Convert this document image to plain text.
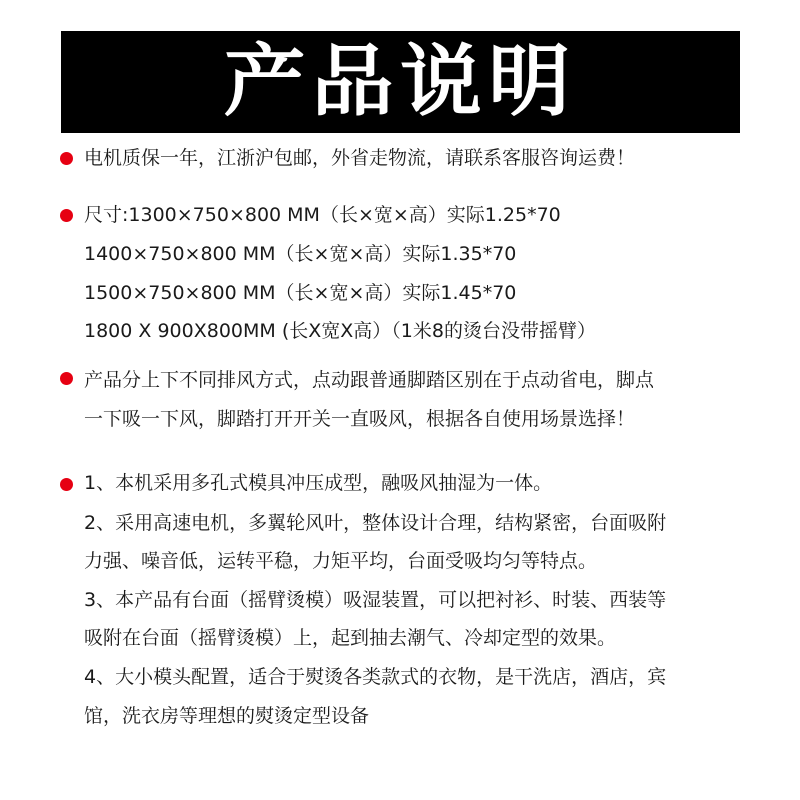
产品说明
电机质保一年，江浙沪包邮，外省走物流，请联系客服咨询运费！
尺寸:1300×750×800 MM（长×宽×高）实际1.25*70
1400×750×800 MM（长×宽×高）实际1.35*70
1500×750×800 MM（长×宽×高）实际1.45*70
1800 X 900X800MM (长X宽X高）（1米8的烫台没带摇臂）
产品分上下不同排风方式，点动跟普通脚踏区别在于点动省电，脚点
一下吸一下风，脚踏打开开关一直吸风，根据各自使用场景选择！
1、本机采用多孔式模具冲压成型，融吸风抽湿为一体。
2、采用高速电机，多翼轮风叶，整体设计合理，结构紧密，台面吸附
力强、噪音低，运转平稳，力矩平均，台面受吸均匀等特点。
3、本产品有台面（摇臂烫模）吸湿装置，可以把衬衫、时装、西装等
吸附在台面（摇臂烫模）上，起到抽去潮气、冷却定型的效果。
4、大小模头配置，适合于熨烫各类款式的衣物，是干洗店，酒店，宾
馆，洗衣房等理想的熨烫定型设备
